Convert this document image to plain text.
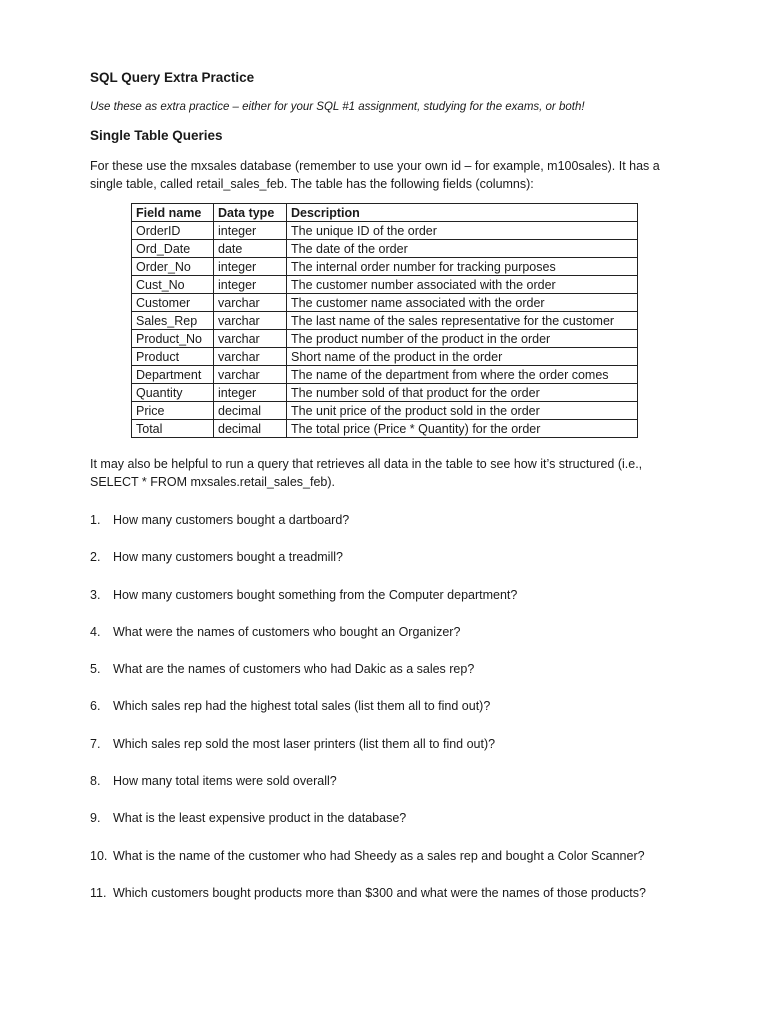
SQL Query Extra Practice

Use these as extra practice – either for your SQL #1 assignment, studying for the exams, or both!

Single Table Queries

For these use the mxsales database (remember to use your own id – for example, m100sales). It has a single table, called retail_sales_feb. The table has the following fields (columns):

Field name	Data type	Description
OrderID	integer	The unique ID of the order
Ord_Date	date	The date of the order
Order_No	integer	The internal order number for tracking purposes
Cust_No	integer	The customer number associated with the order
Customer	varchar	The customer name associated with the order
Sales_Rep	varchar	The last name of the sales representative for the customer
Product_No	varchar	The product number of the product in the order
Product	varchar	Short name of the product in the order
Department	varchar	The name of the department from where the order comes
Quantity	integer	The number sold of that product for the order
Price	decimal	The unit price of the product sold in the order
Total	decimal	The total price (Price * Quantity) for the order

It may also be helpful to run a query that retrieves all data in the table to see how it’s structured (i.e., SELECT * FROM mxsales.retail_sales_feb).

1.	How many customers bought a dartboard?
2.	How many customers bought a treadmill?
3.	How many customers bought something from the Computer department?
4.	What were the names of customers who bought an Organizer?
5.	What are the names of customers who had Dakic as a sales rep?
6.	Which sales rep had the highest total sales (list them all to find out)?
7.	Which sales rep sold the most laser printers (list them all to find out)?
8.	How many total items were sold overall?
9.	What is the least expensive product in the database?
10. What is the name of the customer who had Sheedy as a sales rep and bought a Color Scanner?
11. Which customers bought products more than $300 and what were the names of those products?
